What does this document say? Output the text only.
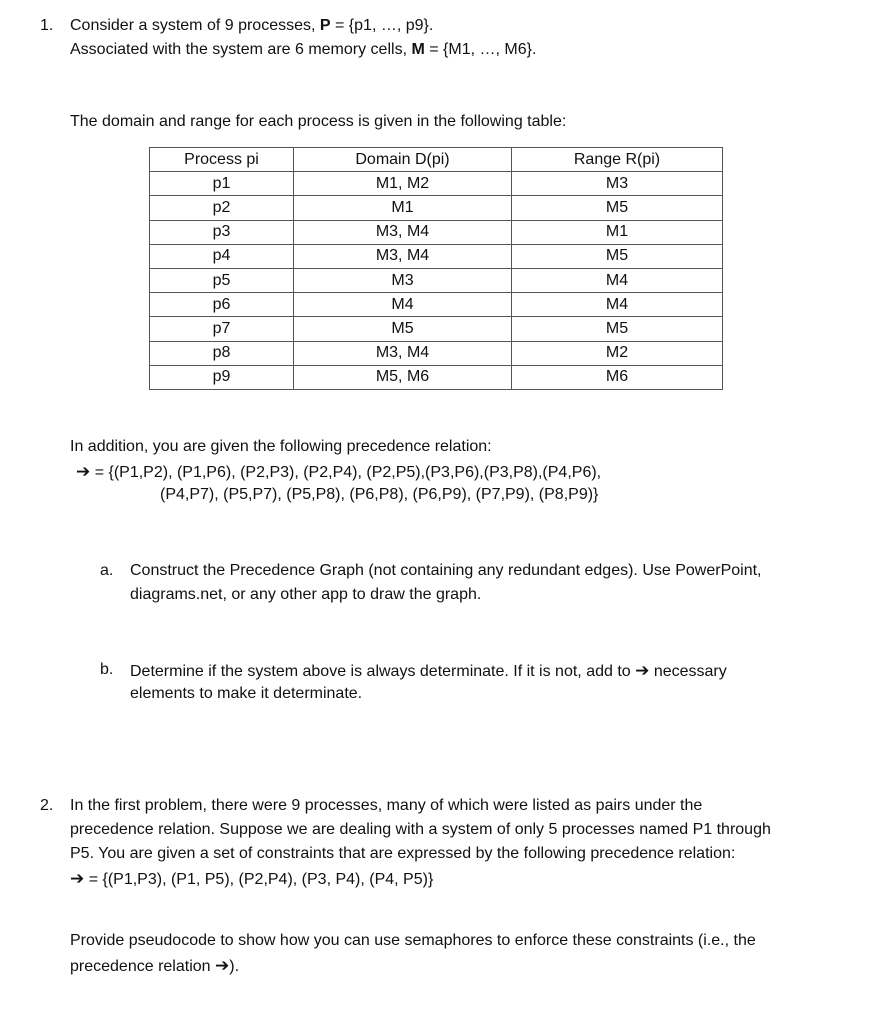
1. Consider a system of 9 processes, P = {p1, …, p9}.
Associated with the system are 6 memory cells, M = {M1, …, M6}.
The domain and range for each process is given in the following table:
Process pi	Domain D(pi)	Range R(pi)
p1	M1, M2	M3
p2	M1	M5
p3	M3, M4	M1
p4	M3, M4	M5
p5	M3	M4
p6	M4	M4
p7	M5	M5
p8	M3, M4	M2
p9	M5, M6	M6
In addition, you are given the following precedence relation:
➔ = {(P1,P2), (P1,P6), (P2,P3), (P2,P4), (P2,P5),(P3,P6),(P3,P8),(P4,P6),
(P4,P7), (P5,P7), (P5,P8), (P6,P8), (P6,P9), (P7,P9), (P8,P9)}
a. Construct the Precedence Graph (not containing any redundant edges). Use PowerPoint,
diagrams.net, or any other app to draw the graph.
b. Determine if the system above is always determinate. If it is not, add to ➔ necessary
elements to make it determinate.
2. In the first problem, there were 9 processes, many of which were listed as pairs under the
precedence relation. Suppose we are dealing with a system of only 5 processes named P1 through
P5. You are given a set of constraints that are expressed by the following precedence relation:
➔ = {(P1,P3), (P1, P5), (P2,P4), (P3, P4), (P4, P5)}
Provide pseudocode to show how you can use semaphores to enforce these constraints (i.e., the
precedence relation ➔).
